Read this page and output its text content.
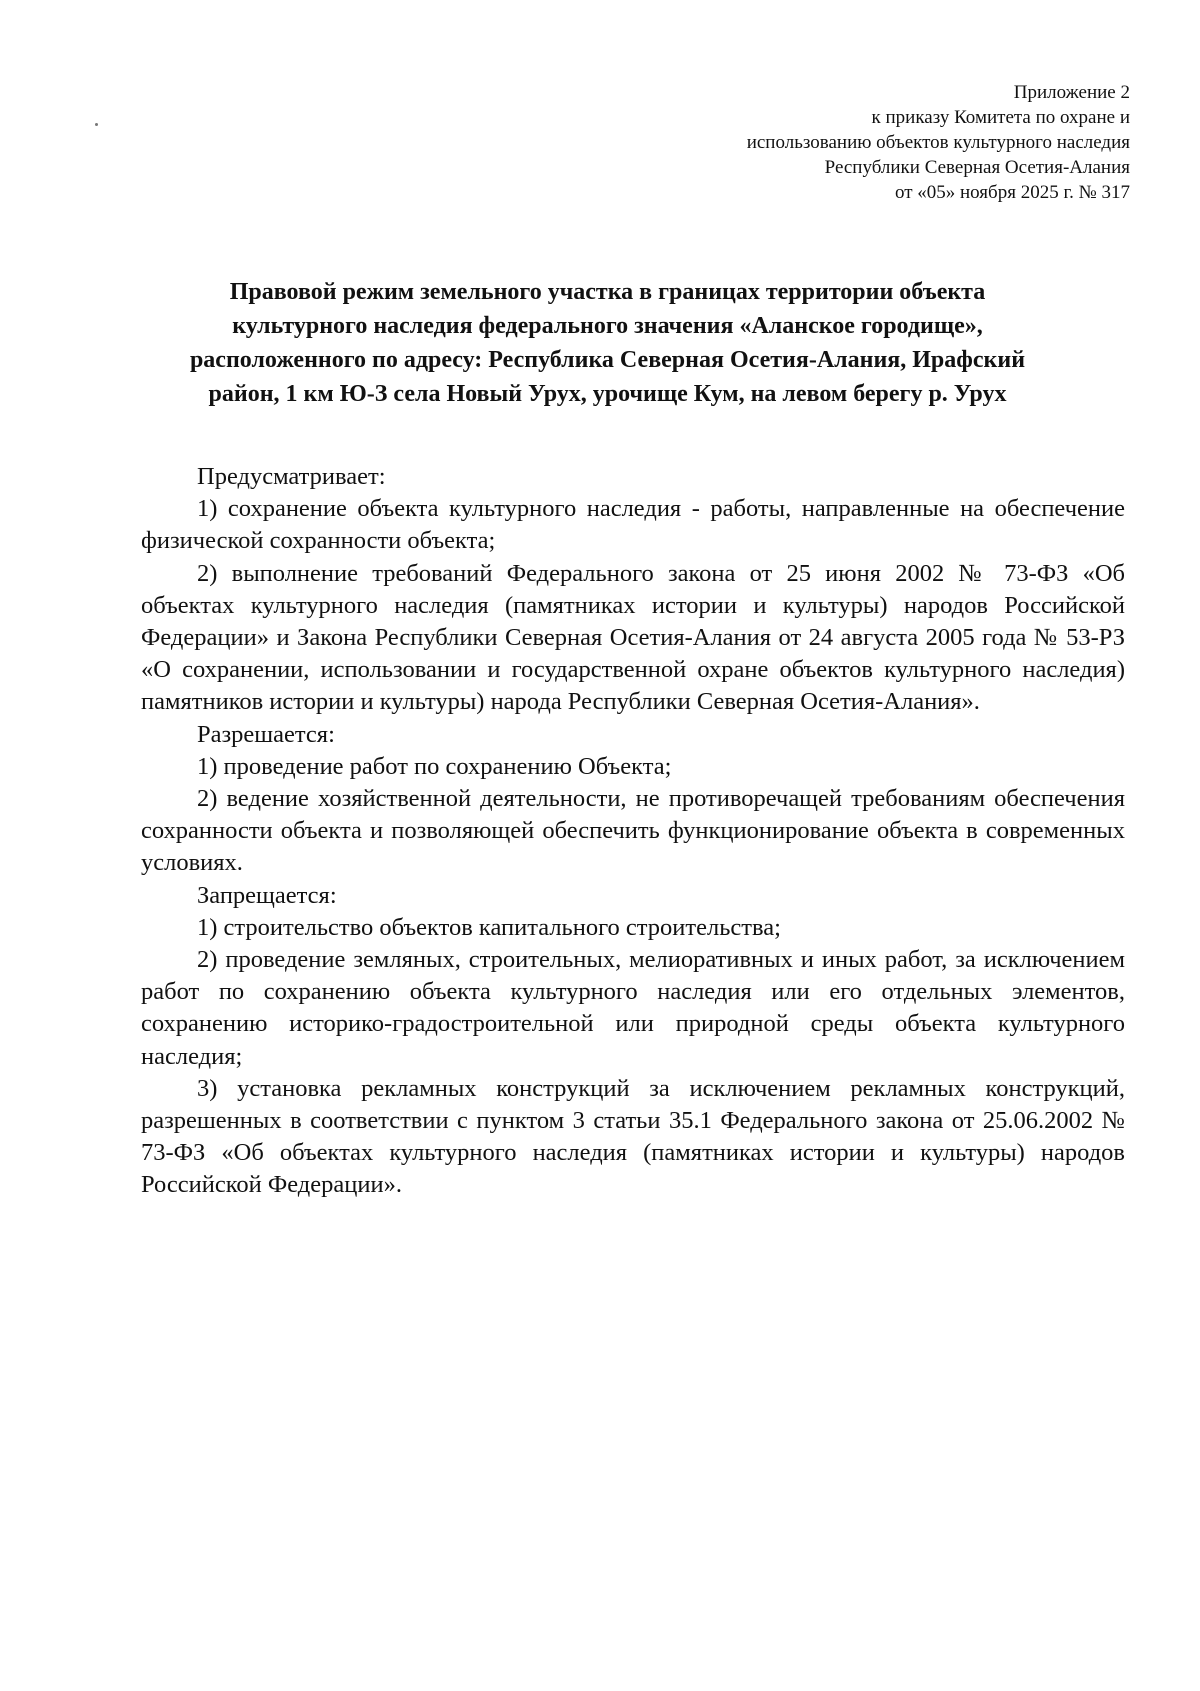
Приложение 2
к приказу Комитета по охране и
использованию объектов культурного наследия
Республики Северная Осетия-Алания
от «05» ноября 2025 г. № 317
Правовой режим земельного участка в границах территории объекта
культурного наследия федерального значения «Аланское городище»,
расположенного по адресу: Республика Северная Осетия-Алания, Ирафский
район, 1 км Ю-З села Новый Урух, урочище Кум, на левом берегу р. Урух

Предусматривает:

1) сохранение объекта культурного наследия - работы, направленные на обеспечение физической сохранности объекта;

2) выполнение требований Федерального закона от 25 июня 2002 № 73-ФЗ «Об объектах культурного наследия (памятниках истории и культуры) народов Российской Федерации» и Закона Республики Северная Осетия-Алания от 24 августа 2005 года № 53-РЗ «О сохранении, использовании и государственной охране объектов культурного наследия) памятников истории и культуры) народа Республики Северная Осетия-Алания».

Разрешается:

1) проведение работ по сохранению Объекта;

2) ведение хозяйственной деятельности, не противоречащей требованиям обеспечения сохранности объекта и позволяющей обеспечить функционирование объекта в современных условиях.

Запрещается:

1) строительство объектов капитального строительства;

2) проведение земляных, строительных, мелиоративных и иных работ, за исключением работ по сохранению объекта культурного наследия или его отдельных элементов, сохранению историко-градостроительной или природной среды объекта культурного наследия;

3) установка рекламных конструкций за исключением рекламных конструкций, разрешенных в соответствии с пунктом 3 статьи 35.1 Федерального закона от 25.06.2002 № 73-ФЗ «Об объектах культурного наследия (памятниках истории и культуры) народов Российской Федерации».
